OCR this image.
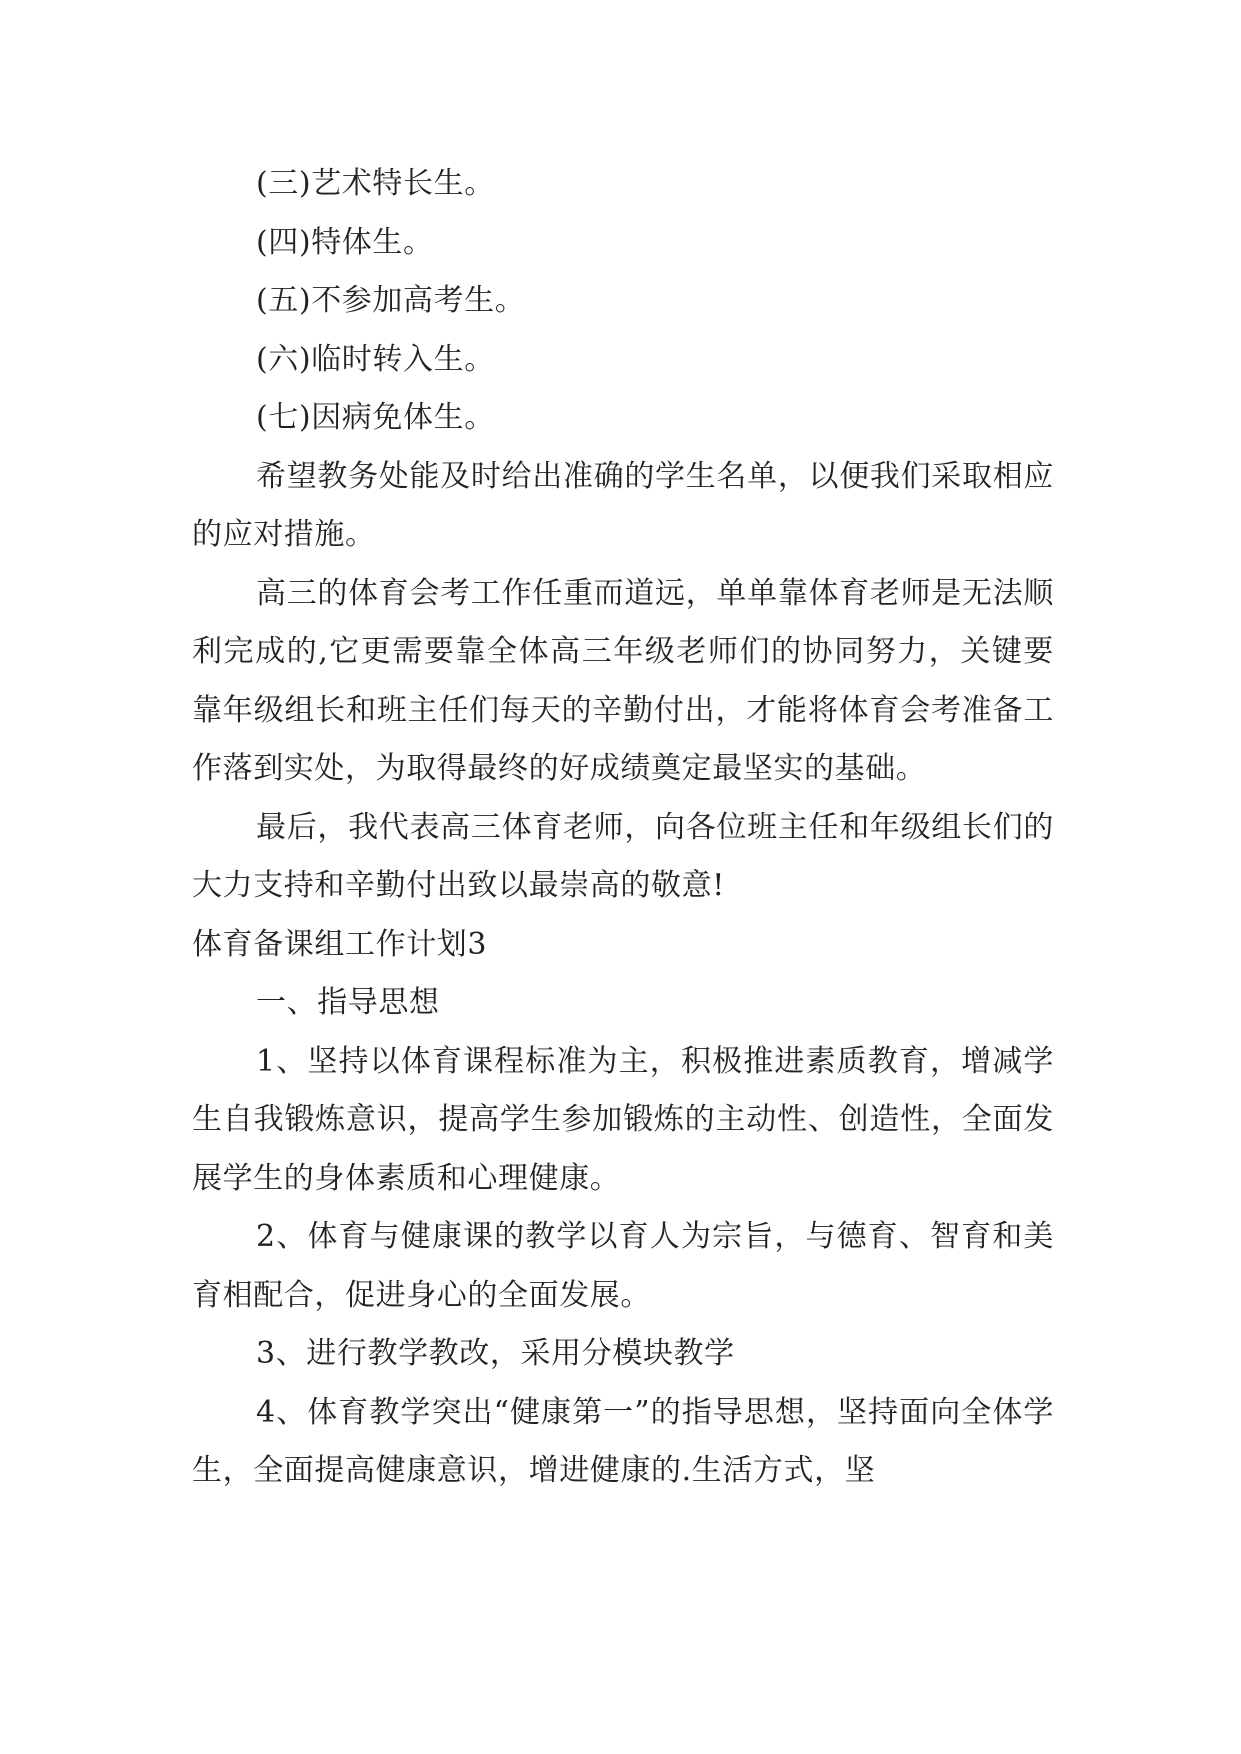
(三)艺术特长生。

(四)特体生。

(五)不参加高考生。

(六)临时转入生。

(七)因病免体生。

希望教务处能及时给出准确的学生名单，以便我们采取相应的应对措施。

高三的体育会考工作任重而道远，单单靠体育老师是无法顺利完成的,它更需要靠全体高三年级老师们的协同努力，关键要靠年级组长和班主任们每天的辛勤付出，才能将体育会考准备工作落到实处，为取得最终的好成绩奠定最坚实的基础。

最后，我代表高三体育老师，向各位班主任和年级组长们的大力支持和辛勤付出致以最崇高的敬意!

体育备课组工作计划3

一、指导思想

1、坚持以体育课程标准为主，积极推进素质教育，增减学生自我锻炼意识，提高学生参加锻炼的主动性、创造性，全面发展学生的身体素质和心理健康。

2、体育与健康课的教学以育人为宗旨，与德育、智育和美育相配合，促进身心的全面发展。

3、进行教学教改，采用分模块教学

4、体育教学突出“健康第一”的指导思想，坚持面向全体学生，全面提高健康意识，增进健康的.生活方式，坚
